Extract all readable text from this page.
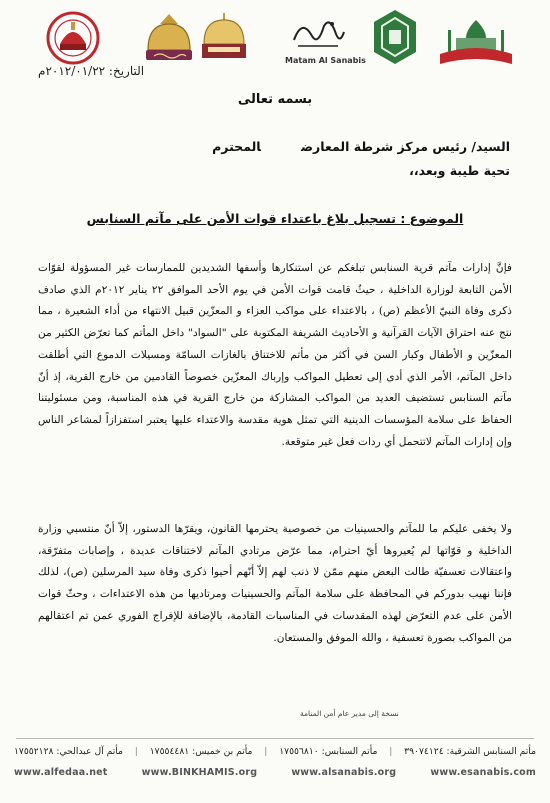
Matam Al Sanabis
التاريخ: ٢٠١٢/٠١/٢٢م
بسمه تعالى
السيد/ رئيس مركز شرطة المعارضالمحترم
تحية طيبة وبعد،،
الموضوع : تسجيل بلاغ باعتداء قوات الأمن على مآتم السنابس

فإنَّ إدارات مآتم قرية السنابس تبلغكم عن استنكارها وأسفها الشديدين للممارسات غير المسؤولة لقوّات الأمن التابعة لوزارة الداخلية ، حيثُ قامت قوات الأمن في يوم الأحد الموافق ٢٢ يناير ٢٠١٢م الذي صادف ذكرى وفاة النبيّ الأعظم (ص) ، بالاعتداء على مواكب العزاء و المعزّين قبيل الانتهاء من أداء الشعيرة ، مما نتج عنه احتراق الآيات القرآنية و الأحاديث الشريفة المكتوبة على "السواد" داخل المأتم كما تعرّض الكثير من المعزّين و الأطفال وكبار السن في أكثر من مأتم للاختناق بالغازات السامّة ومسيلات الدموع التي أطلقت داخل المآتم، الأمر الذي أدى إلى تعطيل المواكب وإرباك المعزّين خصوصاً القادمين من خارج القرية، إذ أنّ مآتم السنابس تستضيف العديد من المواكب المشاركة من خارج القرية في هذه المناسبة، ومن مسئوليتنا الحفاظ على سلامة المؤسسات الدينية التي تمثل هوية مقدسة والاعتداء عليها يعتبر استفزازاً لمشاعر الناس وإن إدارات المآتم لاتتحمل أي ردات فعل غير متوقعة.

ولا يخفى عليكم ما للمآتم والحسينيات من خصوصية يحترمها القانون، ويقرّها الدستور، إلاّ أنّ منتسبي وزارة الداخلية و قوّاتها لم يُعيروها أيّ احترام، مما عرّض مرتادي المآتم لاختناقات عديدة ، وإصابات متفرّقة، واعتقالات تعسفيّة طالت البعض منهم ممّن لا ذنب لهم إلاّ أنّهم أحيوا ذكرى وفاة سيد المرسلين (ص)، لذلك فإننا نهيب بدوركم في المحافظة على سلامة المآتم والحسينيات ومرتاديها من هذه الاعتداءات ، وحثّ قوات الأمن على عدم التعرّض لهذه المقدسات في المناسبات القادمة، بالإضافة للإفراج الفوري عمن تم اعتقالهم من المواكب بصورة تعسفية ، والله الموفق والمستعان.

نسخة إلى مدير عام أمن المنامة
مأتم السنابس الشرقية: ٣٩٠٧٤١٢٤
|
مأتم السنابس: ١٧٥٥٦٨١٠
|
مأتم بن خميس: ١٧٥٥٤٤٨١
|
مأتم آل عبدالحي: ١٧٥٥٢١٢٨
www.alfedaa.net	www.BINKHAMIS.org	www.alsanabis.org	www.esanabis.com
